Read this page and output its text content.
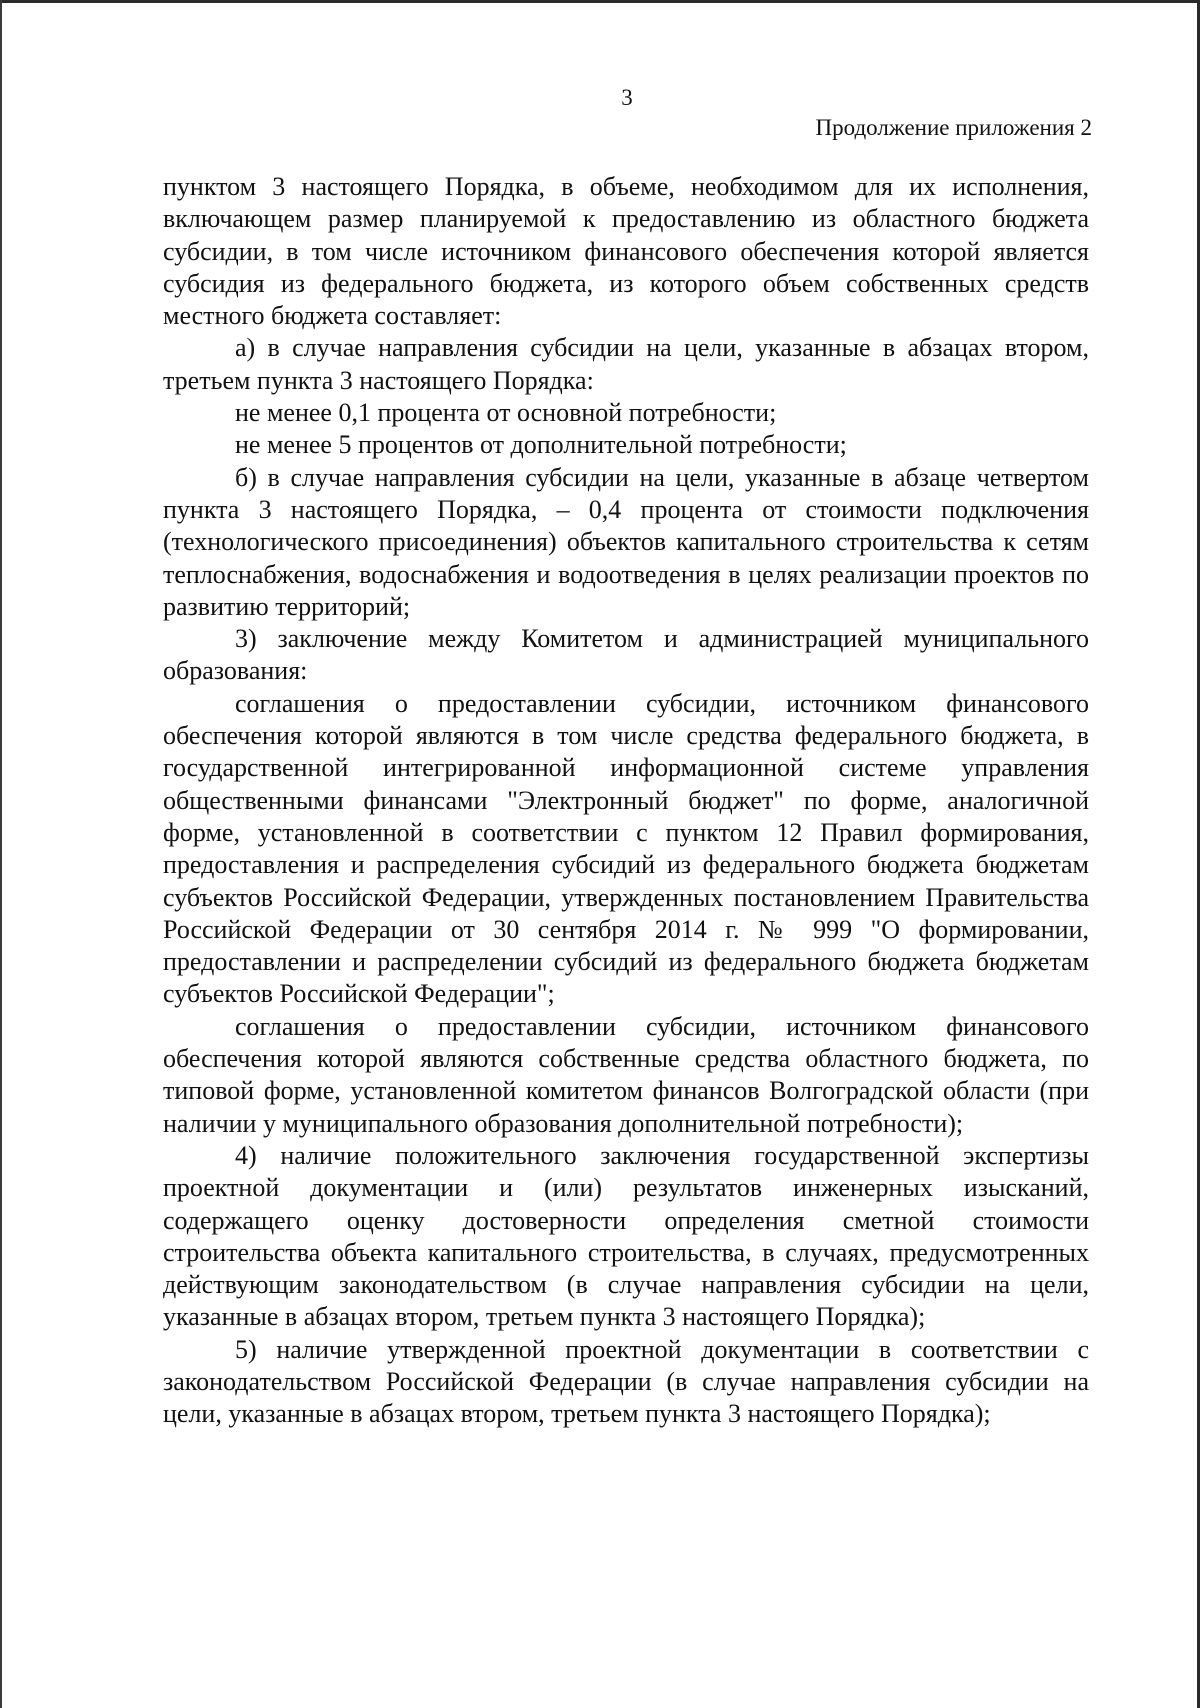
3
Продолжение приложения 2

пунктом 3 настоящего Порядка, в объеме, необходимом для их исполнения, включающем размер планируемой к предоставлению из областного бюджета субсидии, в том числе источником финансового обеспечения которой является субсидия из федерального бюджета, из которого объем собственных средств местного бюджета составляет:

а) в случае направления субсидии на цели, указанные в абзацах втором, третьем пункта 3 настоящего Порядка:

не менее 0,1 процента от основной потребности;

не менее 5 процентов от дополнительной потребности;

б) в случае направления субсидии на цели, указанные в абзаце четвертом пункта 3 настоящего Порядка, – 0,4 процента от стоимости подключения (технологического присоединения) объектов капитального строительства к сетям теплоснабжения, водоснабжения и водоотведения в целях реализации проектов по развитию территорий;

3) заключение между Комитетом и администрацией муниципального образования:

соглашения о предоставлении субсидии, источником финансового обеспечения которой являются в том числе средства федерального бюджета, в государственной интегрированной информационной системе управления общественными финансами "Электронный бюджет" по форме, аналогичной форме, установленной в соответствии с пунктом 12 Правил формирования, предоставления и распределения субсидий из федерального бюджета бюджетам субъектов Российской Федерации, утвержденных постановлением Правительства Российской Федерации от 30 сентября 2014 г. № 999 "О формировании, предоставлении и распределении субсидий из федерального бюджета бюджетам субъектов Российской Федерации";

соглашения о предоставлении субсидии, источником финансового обеспечения которой являются собственные средства областного бюджета, по типовой форме, установленной комитетом финансов Волгоградской области (при наличии у муниципального образования дополнительной потребности);

4) наличие положительного заключения государственной экспертизы проектной документации и (или) результатов инженерных изысканий, содержащего оценку достоверности определения сметной стоимости строительства объекта капитального строительства, в случаях, предусмотренных действующим законодательством (в случае направления субсидии на цели, указанные в абзацах втором, третьем пункта 3 настоящего Порядка);

5) наличие утвержденной проектной документации в соответствии с законодательством Российской Федерации (в случае направления субсидии на цели, указанные в абзацах втором, третьем пункта 3 настоящего Порядка);
